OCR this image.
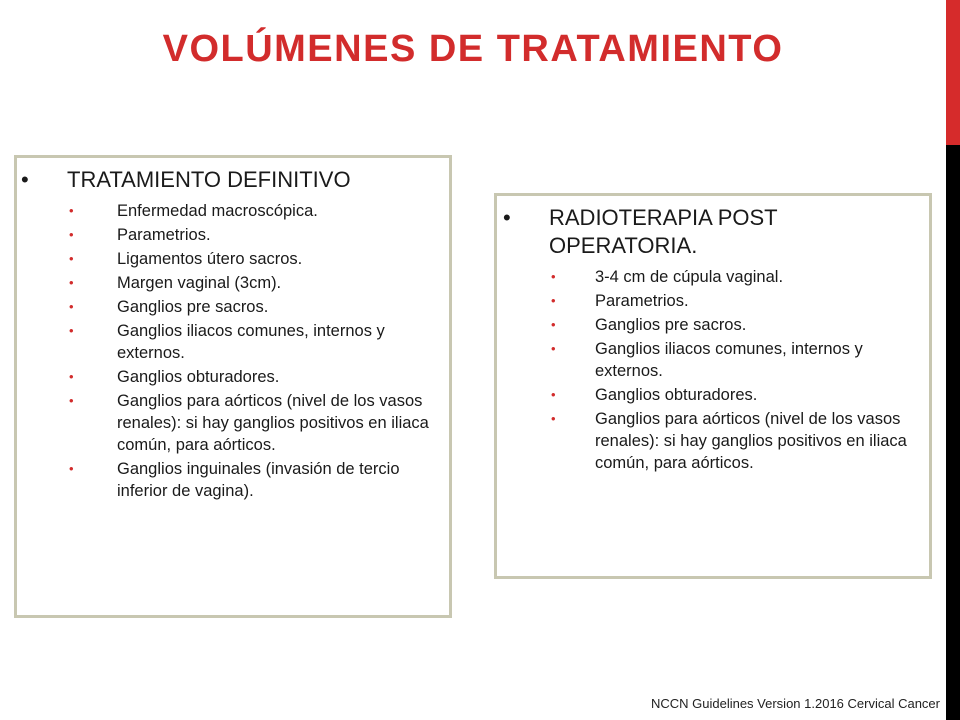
VOLÚMENES DE TRATAMIENTO

• TRATAMIENTO DEFINITIVO

•	Enfermedad macroscópica.
•	Parametrios.
•	Ligamentos útero sacros.
•	Margen vaginal (3cm).
•	Ganglios pre sacros.
•	Ganglios iliacos comunes, internos y externos.
•	Ganglios obturadores.
•	Ganglios para aórticos (nivel de los vasos renales): si hay ganglios positivos en iliaca común, para aórticos.
•	Ganglios inguinales (invasión de tercio inferior de vagina).

• RADIOTERAPIA POST OPERATORIA.

• 3-4 cm de cúpula vaginal.
• Parametrios.
• Ganglios pre sacros.
• Ganglios iliacos comunes, internos y externos.
• Ganglios obturadores.
• Ganglios para aórticos (nivel de los vasos renales): si hay ganglios positivos en iliaca común, para aórticos.
NCCN Guidelines Version 1.2016 Cervical Cancer
